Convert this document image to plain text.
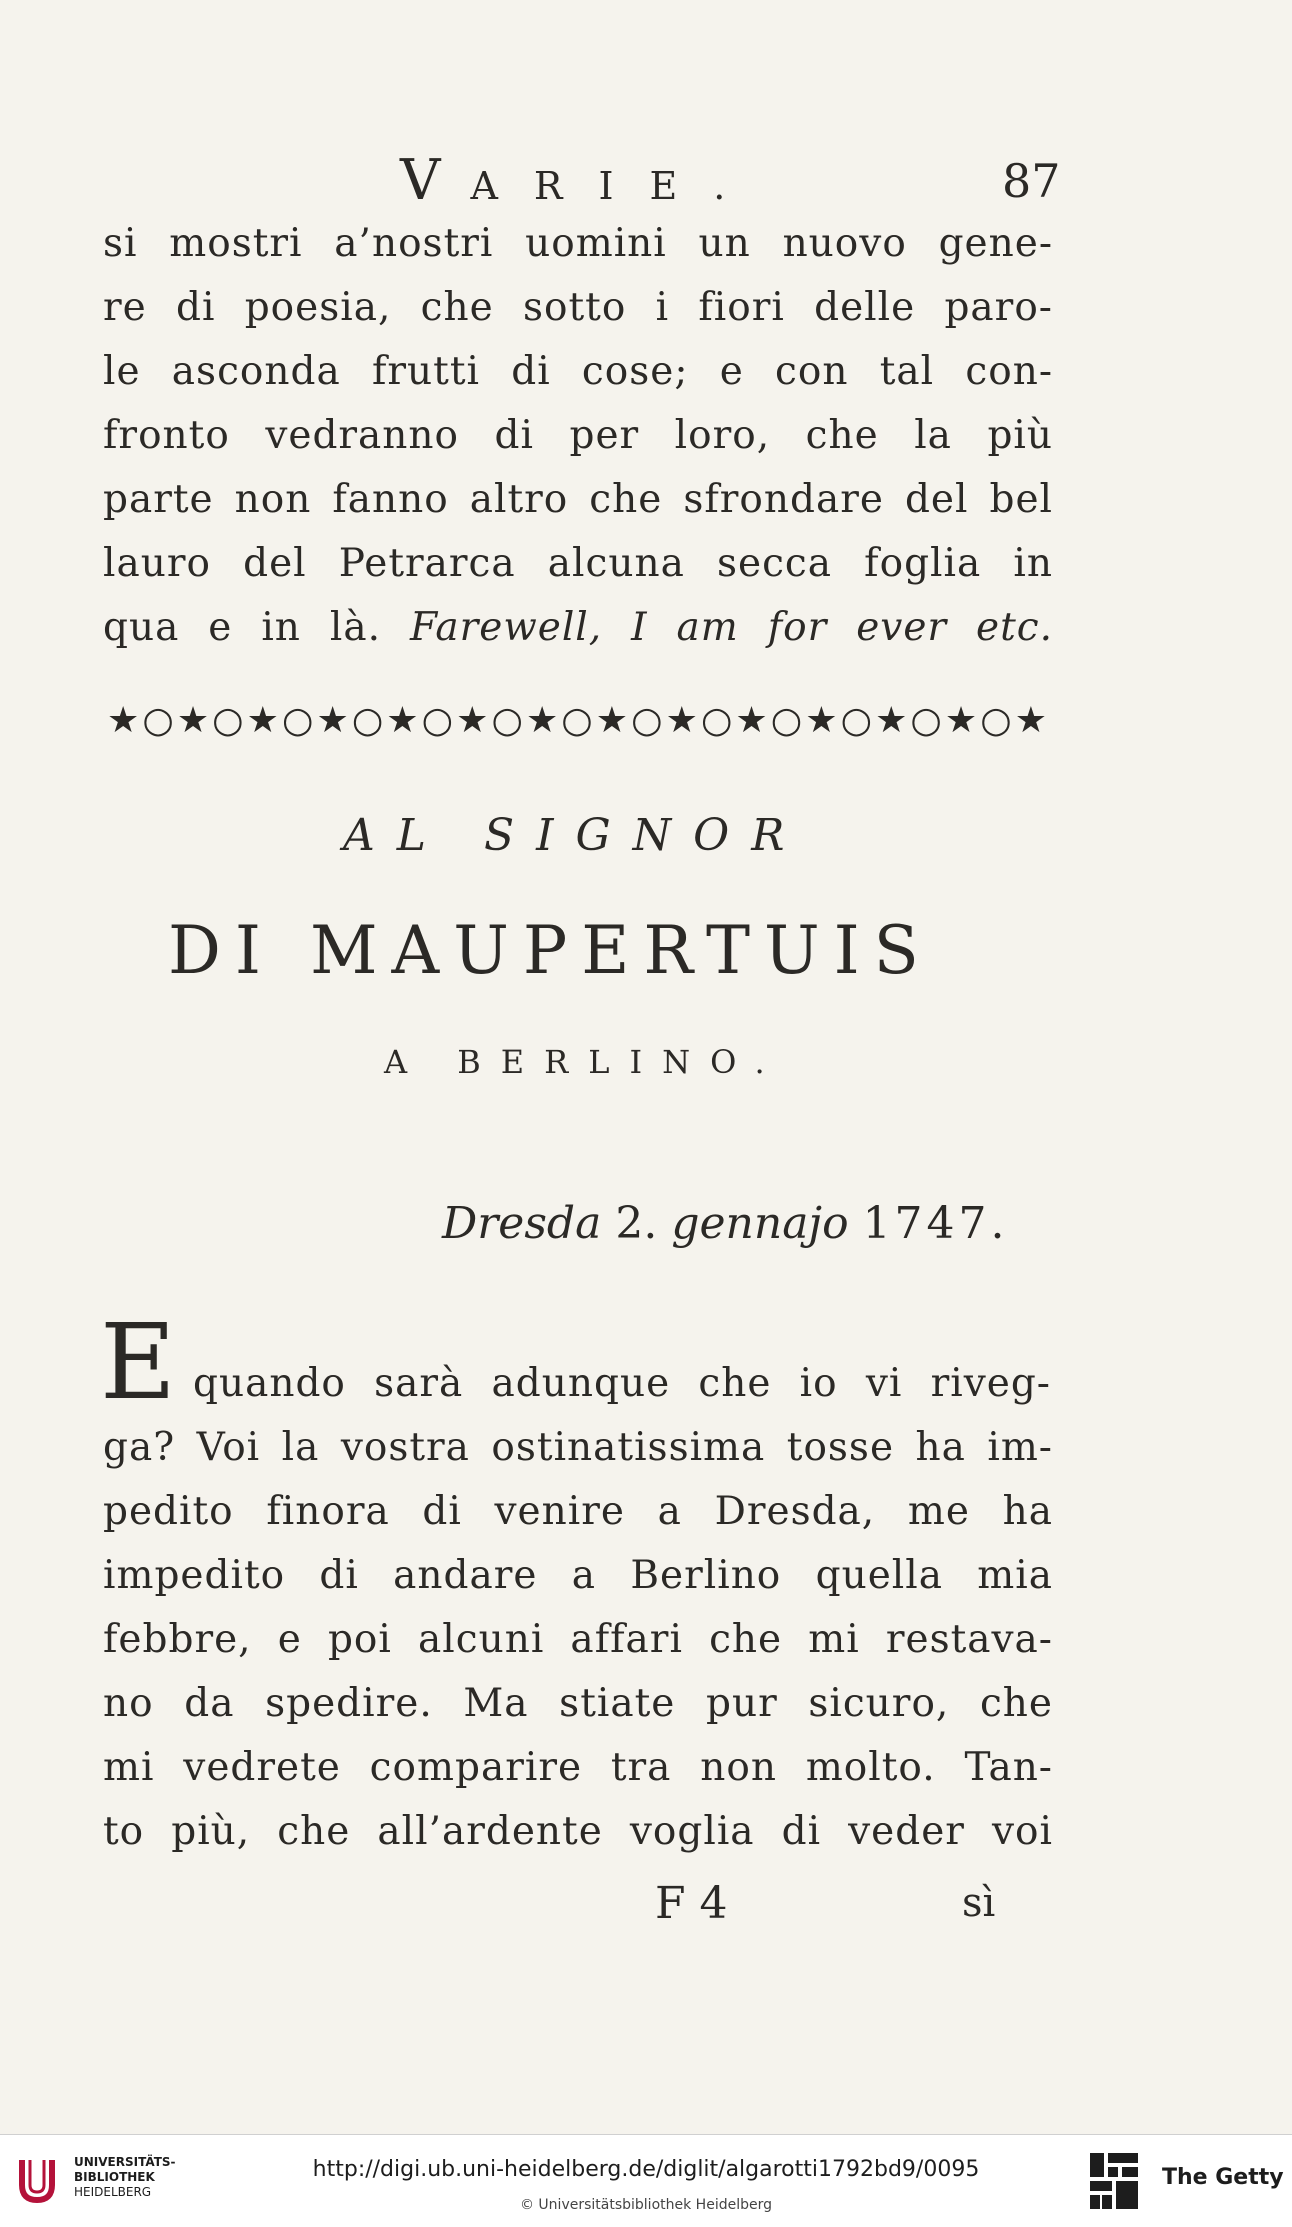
VARIE.	87
si mostri a’nostri uomini un nuovo gene-
re di poesia, che sotto i fiori delle paro-
le asconda frutti di cose; e con tal con-
fronto vedranno di per loro, che la più
parte non fanno altro che sfrondare del bel
lauro del Petrarca alcuna secca foglia in
qua e in là. Farewell, I am for ever etc.
★○★○★○★○★○★○★○★○★○★○★○★○★○★
AL SIGNOR
DI MAUPERTUIS
A BERLINO.
Dresda 2. gennajo 1747.
E quando sarà adunque che io vi riveg-
ga? Voi la vostra ostinatissima tosse ha im-
pedito finora di venire a Dresda, me ha
impedito di andare a Berlino quella mia
febbre, e poi alcuni affari che mi restava-
no da spedire. Ma stiate pur sicuro, che
mi vedrete comparire tra non molto. Tan-
to più, che all’ardente voglia di veder voi
F 4	sì
UNIVERSITÄTS-
BIBLIOTHEK
HEIDELBERG
http://digi.ub.uni-heidelberg.de/diglit/algarotti1792bd9/0095
© Universitätsbibliothek Heidelberg
The Getty
